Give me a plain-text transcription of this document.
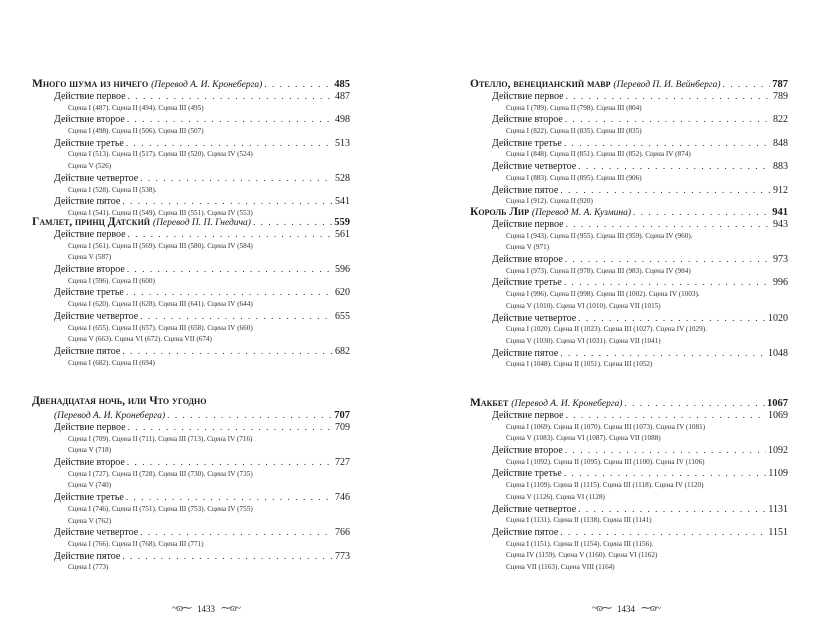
Много шума из ничего
(Перевод А. И. Кронеберга) . . .	485
Действие первое . . .	487
Сцена I (487). Сцена II (494). Сцена III (495)
Действие второе . . .	498
Сцена I (498). Сцена II (506). Сцена III (507)
Действие третье . . .	513
Сцена I (513). Сцена II (517). Сцена III (520). Сцена IV (524)
Сцена V (526)
Действие четвертое . . .	528
Сцена I (528). Сцена II (538).
Действие пятое . . .	541
Сцена I (541). Сцена II (549). Сцена III (551). Сцена IV (553)
Гамлет, принц Датский
(Перевод П. П. Гнедича) . . .	559
Действие первое . . .	561
Сцена I (561). Сцена II (569). Сцена III (580). Сцена IV (584)
Сцена V (587)
Действие второе . . .	596
Сцена I (596). Сцена II (600)
Действие третье . . .	620
Сцена I (620). Сцена II (628). Сцена III (641). Сцена IV (644)
Действие четвертое . . .	655
Сцена I (655). Сцена II (657). Сцена III (658). Сцена IV (660)
Сцена V (663). Сцена VI (672). Сцена VII (674)
Действие пятое . . .	682
Сцена I (682). Сцена II (694)
Двенадцатая ночь, или Что угодно
(Перевод А. И. Кронеберга) . . .	707
Действие первое . . .	709
Сцена I (709). Сцена II (711). Сцена III (713). Сцена IV (716)
Сцена V (718)
Действие второе . . .	727
Сцена I (727). Сцена II (728). Сцена III (730). Сцена IV (735)
Сцена V (740)
Действие третье . . .	746
Сцена I (746). Сцена II (751). Сцена III (753). Сцена IV (755)
Сцена V (762)
Действие четвертое . . .	766
Сцена I (766). Сцена II (768). Сцена III (771)
Действие пятое . . .	773
Сцена I (773)
Отелло, венецианский мавр
(Перевод П. И. Вейнберга) . . .	787
Действие первое . . .	789
Сцена I (789). Сцена II (798). Сцена III (804)
Действие второе . . .	822
Сцена I (822). Сцена II (835). Сцена III (835)
Действие третье . . .	848
Сцена I (848). Сцена II (851). Сцена III (852). Сцена IV (874)
Действие четвертое . . .	883
Сцена I (883). Сцена II (895). Сцена III (906)
Действие пятое . . .	912
Сцена I (912). Сцена II (920)
Король Лир
(Перевод М. А. Кузмина) . . .	941
Действие первое . . .	943
Сцена I (943). Сцена II (955). Сцена III (959). Сцена IV (960).
Сцена V (971)
Действие второе . . .	973
Сцена I (973). Сцена II (978). Сцена III (983). Сцена IV (984)
Действие третье . . .	996
Сцена I (996). Сцена II (998). Сцена III (1002). Сцена IV (1003).
Сцена V (1010). Сцена VI (1010). Сцена VII (1015)
Действие четвертое . . .	1020
Сцена I (1020). Сцена II (1023). Сцена III (1027). Сцена IV (1029).
Сцена V (1030). Сцена VI (1031). Сцена VII (1041)
Действие пятое . . .	1048
Сцена I (1048). Сцена II (1051). Сцена III (1052)
Макбет
(Перевод А. И. Кронеберга) . . .	1067
Действие первое . . .	1069
Сцена I (1069). Сцена II (1070). Сцена III (1073). Сцена IV (1081)
Сцена V (1083). Сцена VI (1087). Сцена VII (1088)
Действие второе . . .	1092
Сцена I (1092). Сцена II (1095). Сцена III (1100). Сцена IV (1106)
Действие третье . . .	1109
Сцена I (1109). Сцена II (1115). Сцена III (1118). Сцена IV (1120)
Сцена V (1126). Сцена VI (1128)
Действие четвертое . . .	1131
Сцена I (1131). Сцена II (1138). Сцена III (1141)
Действие пятое . . .	1151
Сцена I (1151). Сцена II (1154). Сцена III (1156).
Сцена IV (1159). Сцена V (1160). Сцена VI (1162)
Сцена VII (1163). Сцена VIII (1164)
~ɷ⁓ 1433 ⁓ɷ~	~ɷ⁓ 1434 ⁓ɷ~
